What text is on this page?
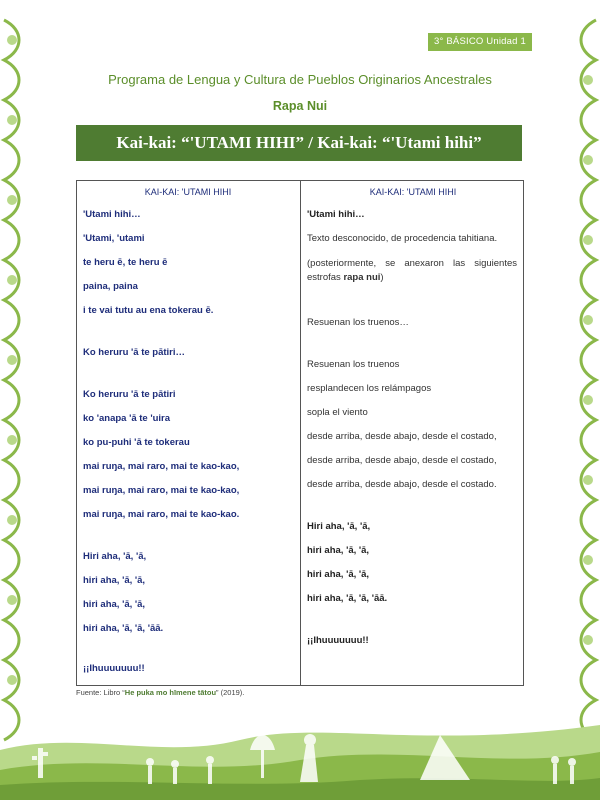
3° BÁSICO Unidad 1
Programa de Lengua y Cultura de Pueblos Originarios Ancestrales
Rapa Nui
Kai-kai: “'UTAMI HIHI” / Kai-kai: “'Utami hihi”
KAI-KAI: 'UTAMI HIHI
'Utami hihi…
'Utami, 'utami
te heru ē, te heru ē
paina, paina
i te vai tutu au ena tokerau ē.
Ko heruru 'ā te pātiri…
Ko heruru 'ā te pātiri
ko 'anapa 'ā te 'uira
ko pu-puhi 'ā te tokerau
mai ruŋa, mai raro, mai te kao-kao,
mai ruŋa, mai raro, mai te kao-kao,
mai ruŋa, mai raro, mai te kao-kao.
Hiri aha, 'ā, 'ā,
hiri aha, 'ā, 'ā,
hiri aha, 'ā, 'ā,
hiri aha, 'ā, 'ā, 'āā.
¡¡Ihuuuuuuu!!
KAI-KAI: 'UTAMI HIHI
'Utami hihi…
Texto desconocido, de procedencia tahitiana.
(posteriormente, se anexaron las siguientes estrofas rapa nui)
Resuenan los truenos…
Resuenan los truenos
resplandecen los relámpagos
sopla el viento
desde arriba, desde abajo, desde el costado,
desde arriba, desde abajo, desde el costado,
desde arriba, desde abajo, desde el costado.
Hiri aha, 'ā, 'ā,
hiri aha, 'ā, 'ā,
hiri aha, 'ā, 'ā,
hiri aha, 'ā, 'ā, 'āā.
¡¡Ihuuuuuuu!!
Fuente: Libro “He puka mo hīmene tātou” (2019).
